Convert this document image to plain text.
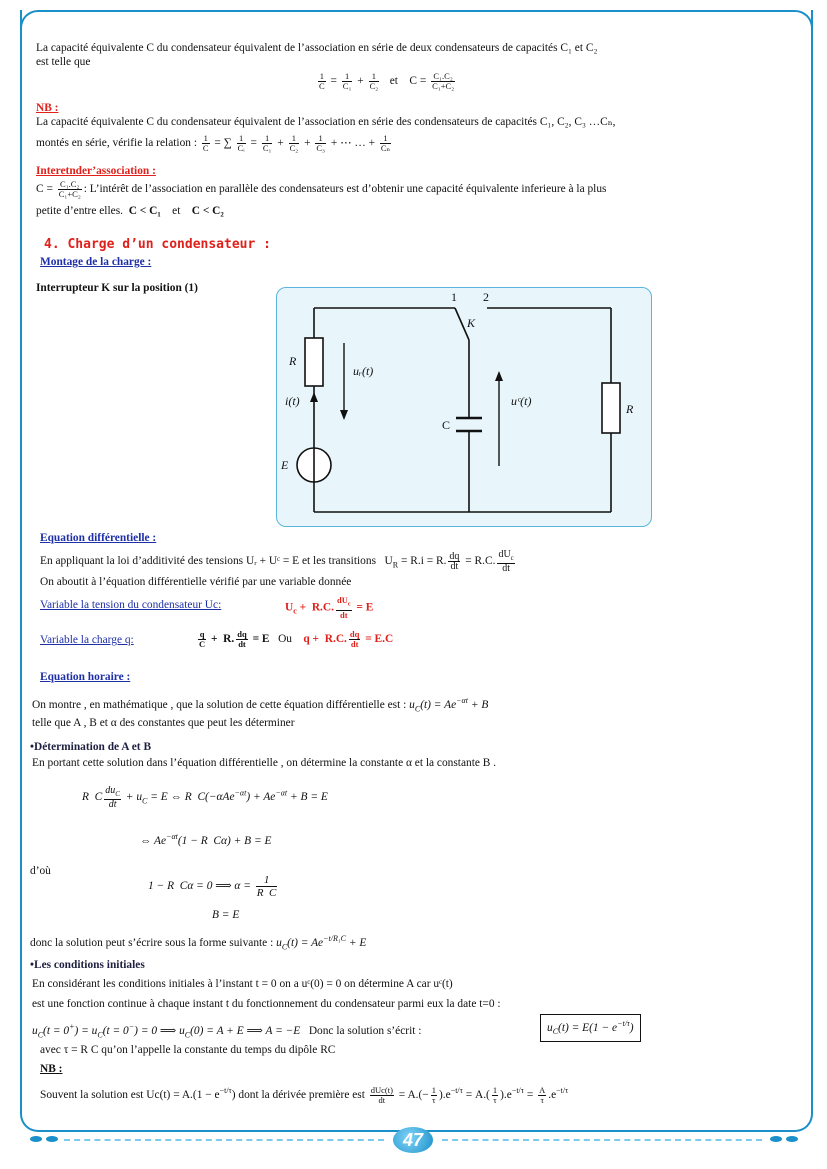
La capacité équivalente C du condensateur équivalent de l’association en série de deux condensateurs de capacités C₁ et C₂
est telle que
$\frac{1}{C} = \frac{1}{\text{C₁}} + \frac{1}{\text{C₂}}$ et    $C = \frac{\text{C₁.C₂}}{\text{C₁+C₂}}$
NB :
La capacité équivalente C du condensateur équivalent de l’association en série des condensateurs de capacités C₁, C₂, C₃ …Cₙ,
montés en série, vérifie la relation : $\frac{1}{C}$ = ∑ $\frac{1}{\text{Cᵢ}} = \frac{1}{\text{C₁}} + \frac{1}{\text{C₂}} + \frac{1}{\text{C₃}}$ + ⋯ … + $\frac{1}{\text{Cₙ}}$
Interetnder’association :
$C = \frac{\text{C₁.C₂}}{\text{C₁+C₂}}$ : L’intérêt de l’association en parallèle des condensateurs est d’obtenir une capacité équivalente inferieure à la plus
petite d’entre elles. C < C₁ et C < C₂
4. Charge d’un condensateur :
Montage de la charge :
Interrupteur K sur la position (1)
1 2
K
R
uᵣ(t)
i(t)
C
uᶜ(t)
R
E
Equation différentielle :
En appliquant la loi d’additivité des tensions Uᵣ + Uᶜ = E et les transitions   $U_R = R.i = R$. $\frac{dq}{dt} = R.C$. $\frac{dU_c}{dt}$
On aboutit à l’équation différentielle vérifié par une variable donnée
Variable la tension du condensateur Uc:	$U_c + R.C$. $\frac{dU_c}{dt} = E$
Variable la charge q:	$\frac{q}{C} + R$. $\frac{dq}{dt} = E$ Ou q +  R.C. $\frac{dq}{dt} = E.C$
Equation horaire :
On montre , en mathématique , que la solution de cette équation différentielle est : $u_C(t) = Ae^{-\alpha t} + B$
telle que A , B et α des constantes que peut les déterminer
•Détermination de A et B
En portant cette solution dans l’équation différentielle , on détermine la constante α et la constante B .
R  C $\frac{du_C}{dt} + u_C = E$ ⇔ R  $C(-\alpha Ae^{-\alpha t}) + Ae^{-\alpha t} + B = E$
⇔ $Ae^{-\alpha t}(1 - R$  Cα) + B = E
d’où
1 − R  Cα = 0 ⟹ $\alpha = \frac{1}{\text{R  C}}$
B = E
donc la solution peut s’écrire sous la forme suivante : $u_C(t) = Ae^{-t/R_1C} + E$
•Les conditions initiales
En considérant les conditions initiales à l’instant t = 0 on a uᶜ(0) = 0 on détermine A car uᶜ(t)
est une fonction continue à chaque instant t du fonctionnement du condensateur parmi eux la date t=0 :
$u_C(t = 0^+) = u_C(t = 0^-) = 0$ ⟹ $u_C(0) = A + E$ ⟹ A = −E Donc la solution s’écrit :	$u_C(t) = E(1 - e^{-t/\tau})$
avec τ = R C qu’on l’appelle la constante du temps du dipôle RC
NB :
Souvent la solution est $Uc(t) = A.(1 - e^{-t/\tau})$ dont la dérivée première est $\frac{\text{dUc(t)}}{dt} = A.(- \frac{1}{\tau} ).e^{-t/\tau} = A.( \frac{1}{\tau} ).e^{-t/\tau} = \frac{A}{\tau} .e^{-t/\tau}$
47
